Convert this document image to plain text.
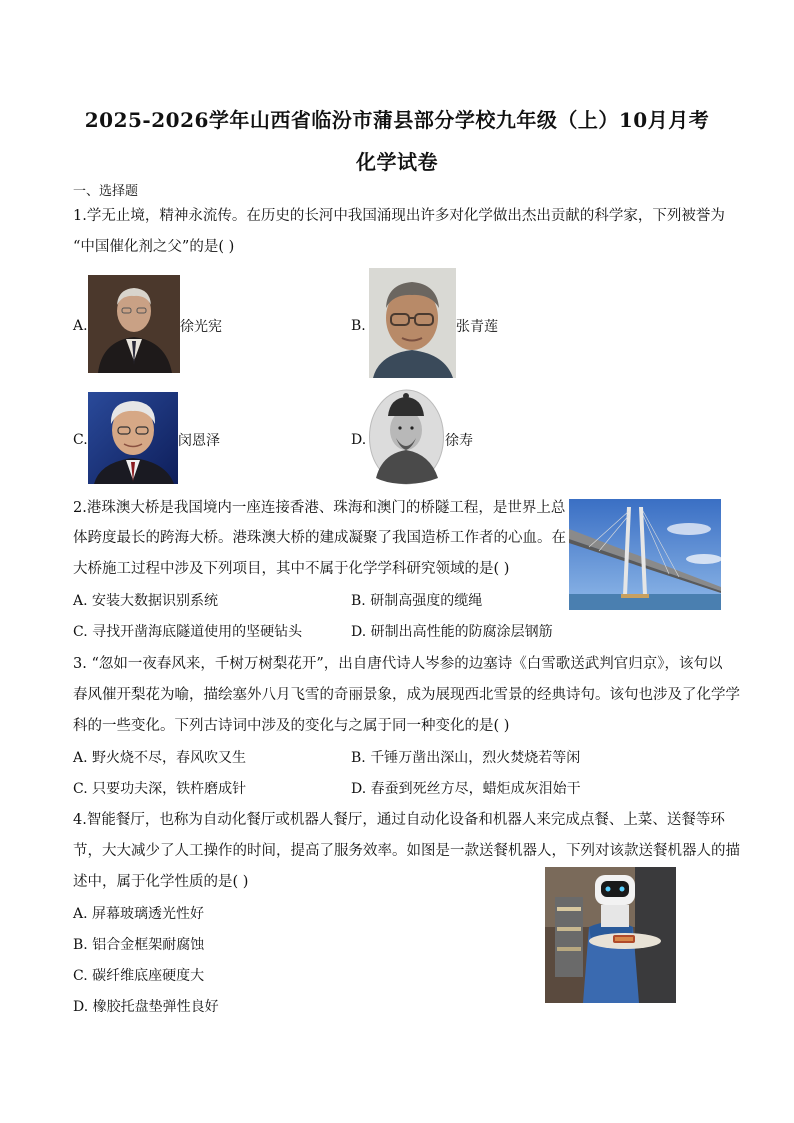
2025-2026学年山西省临汾市蒲县部分学校九年级（上）10月月考
化学试卷
一、选择题
1.学无止境，精神永流传。在历史的长河中我国涌现出许多对化学做出杰出贡献的科学家，下列被誉为
“中国催化剂之父”的是( )
A.	徐光宪	B.	张青莲
C.	闵恩泽	D.	徐寿
2.港珠澳大桥是我国境内一座连接香港、珠海和澳门的桥隧工程，是世界上总
体跨度最长的跨海大桥。港珠澳大桥的建成凝聚了我国造桥工作者的心血。在
大桥施工过程中涉及下列项目，其中不属于化学学科研究领域的是( )
A. 安装大数据识别系统	B. 研制高强度的缆绳
C. 寻找开凿海底隧道使用的坚硬钻头	D. 研制出高性能的防腐涂层钢筋
3. “忽如一夜春风来，千树万树梨花开”，出自唐代诗人岑参的边塞诗《白雪歌送武判官归京》，该句以
春风催开梨花为喻，描绘塞外八月飞雪的奇丽景象，成为展现西北雪景的经典诗句。该句也涉及了化学学
科的一些变化。下列古诗词中涉及的变化与之属于同一种变化的是( )
A. 野火烧不尽，春风吹又生	B. 千锤万凿出深山，烈火焚烧若等闲
C. 只要功夫深，铁杵磨成针	D. 春蚕到死丝方尽，蜡炬成灰泪始干
4.智能餐厅，也称为自动化餐厅或机器人餐厅，通过自动化设备和机器人来完成点餐、上菜、送餐等环
节，大大减少了人工操作的时间，提高了服务效率。如图是一款送餐机器人，下列对该款送餐机器人的描
述中，属于化学性质的是( )
A. 屏幕玻璃透光性好
B. 铝合金框架耐腐蚀
C. 碳纤维底座硬度大
D. 橡胶托盘垫弹性良好
